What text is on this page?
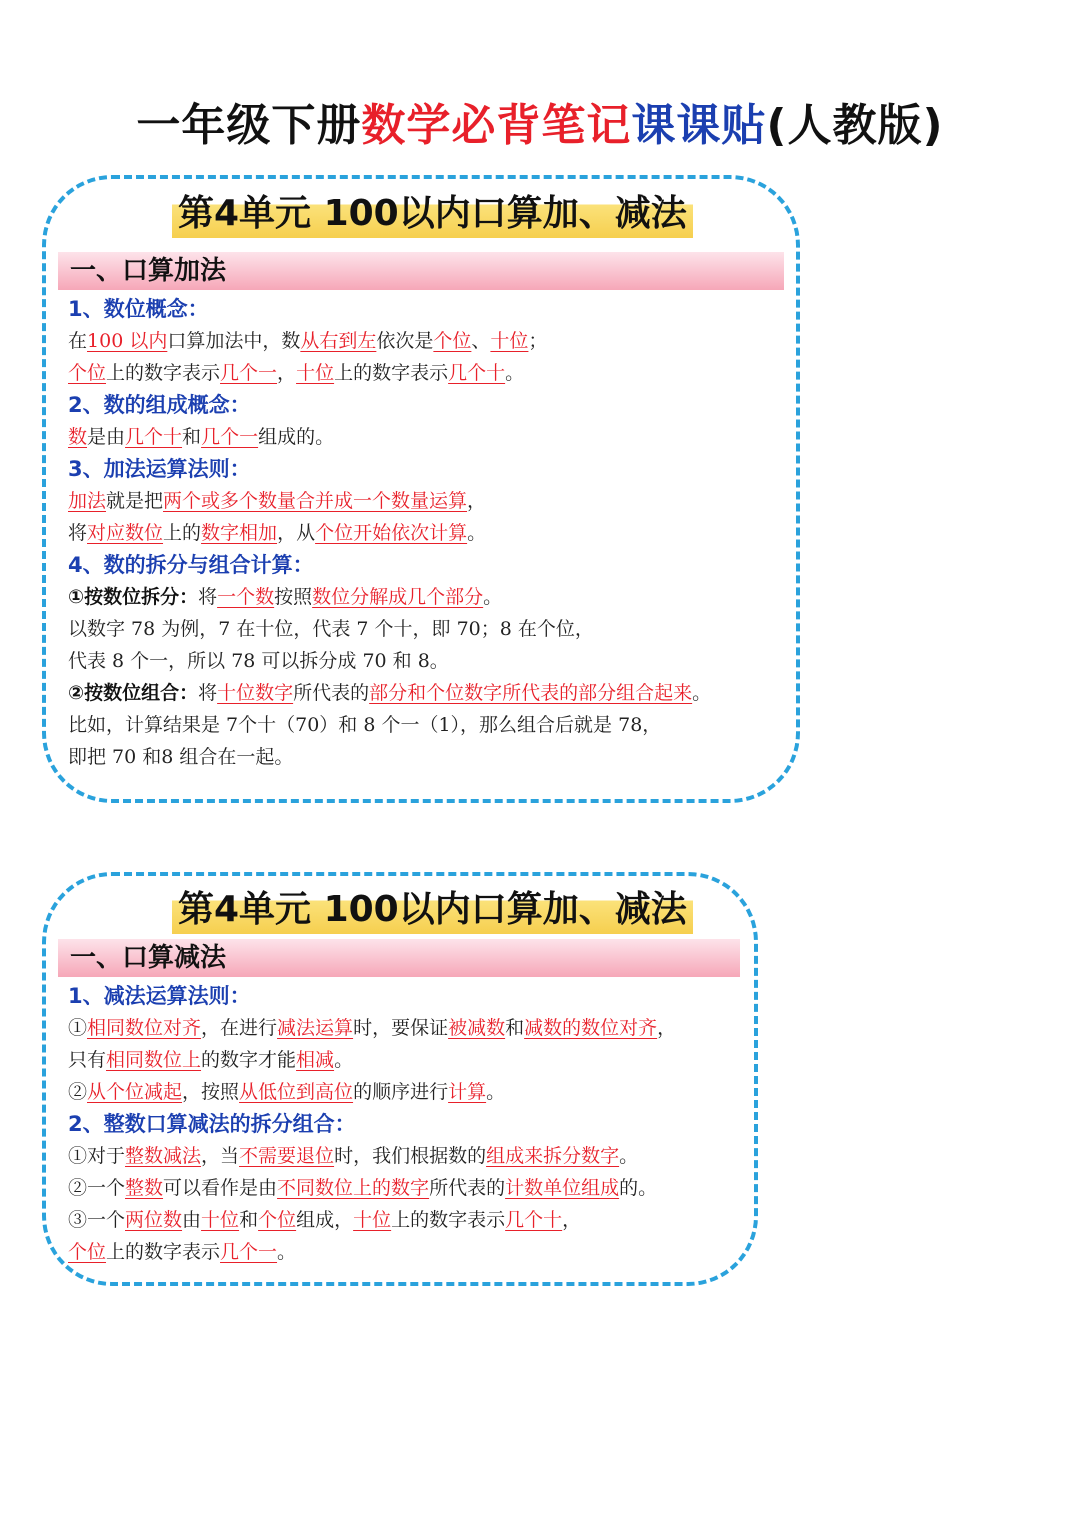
一年级下册数学必背笔记课课贴(人教版)
第4单元 100以内口算加、减法
一、口算加法
1、数位概念：
在100 以内口算加法中，数从右到左依次是个位、十位；
个位上的数字表示几个一，十位上的数字表示几个十。
2、数的组成概念：
数是由几个十和几个一组成的。
3、加法运算法则：
加法就是把两个或多个数量合并成一个数量运算，
将对应数位上的数字相加，从个位开始依次计算。
4、数的拆分与组合计算：
①按数位拆分：将一个数按照数位分解成几个部分。
以数字 78 为例，7 在十位，代表 7 个十，即 70；8 在个位，
代表 8 个一，所以 78 可以拆分成 70 和 8。
②按数位组合：将十位数字所代表的部分和个位数字所代表的部分组合起来。
比如，计算结果是 7个十（70）和 8 个一（1），那么组合后就是 78，
即把 70 和8 组合在一起。
第4单元 100以内口算加、减法
一、口算减法
1、减法运算法则：
①相同数位对齐，在进行减法运算时，要保证被减数和减数的数位对齐，
只有相同数位上的数字才能相减。
②从个位减起，按照从低位到高位的顺序进行计算。
2、整数口算减法的拆分组合：
①对于整数减法，当不需要退位时，我们根据数的组成来拆分数字。
②一个整数可以看作是由不同数位上的数字所代表的计数单位组成的。
③一个两位数由十位和个位组成，十位上的数字表示几个十，
个位上的数字表示几个一。
